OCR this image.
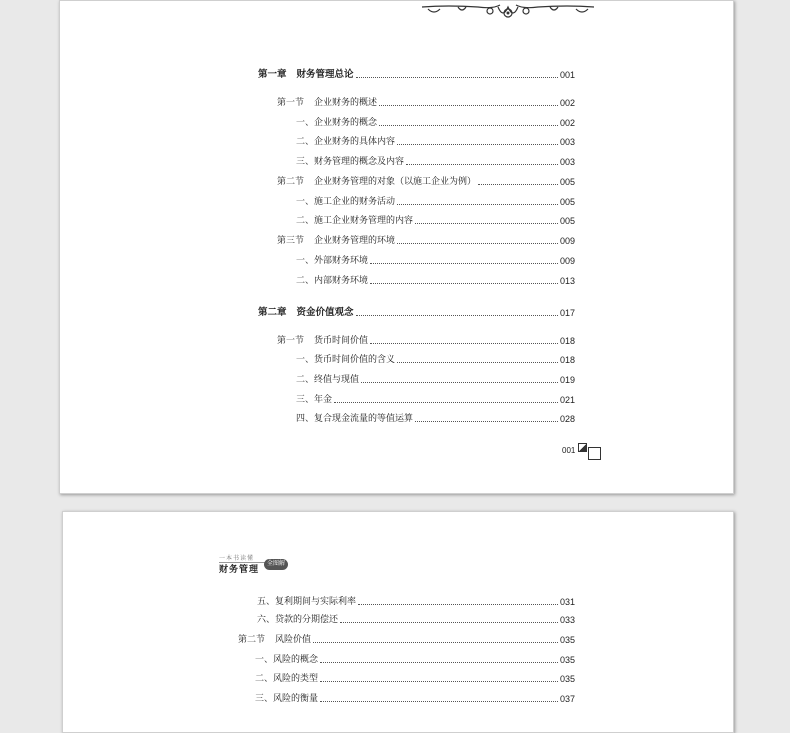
第一章 财务管理总论	001
第一节 企业财务的概述	002
一、企业财务的概念	002
二、企业财务的具体内容	003
三、财务管理的概念及内容	003
第二节 企业财务管理的对象（以施工企业为例）	005
一、施工企业的财务活动	005
二、施工企业财务管理的内容	005
第三节 企业财务管理的环境	009
一、外部财务环境	009
二、内部财务环境	013
第二章 资金价值观念	017
第一节 货币时间价值	018
一、货币时间价值的含义	018
二、终值与现值	019
三、年金	021
四、复合现金流量的等值运算	028
001
一本书读懂
财务管理	全图解
五、复利期间与实际利率	031
六、贷款的分期偿还	033
第二节 风险价值	035
一、风险的概念	035
二、风险的类型	035
三、风险的衡量	037
